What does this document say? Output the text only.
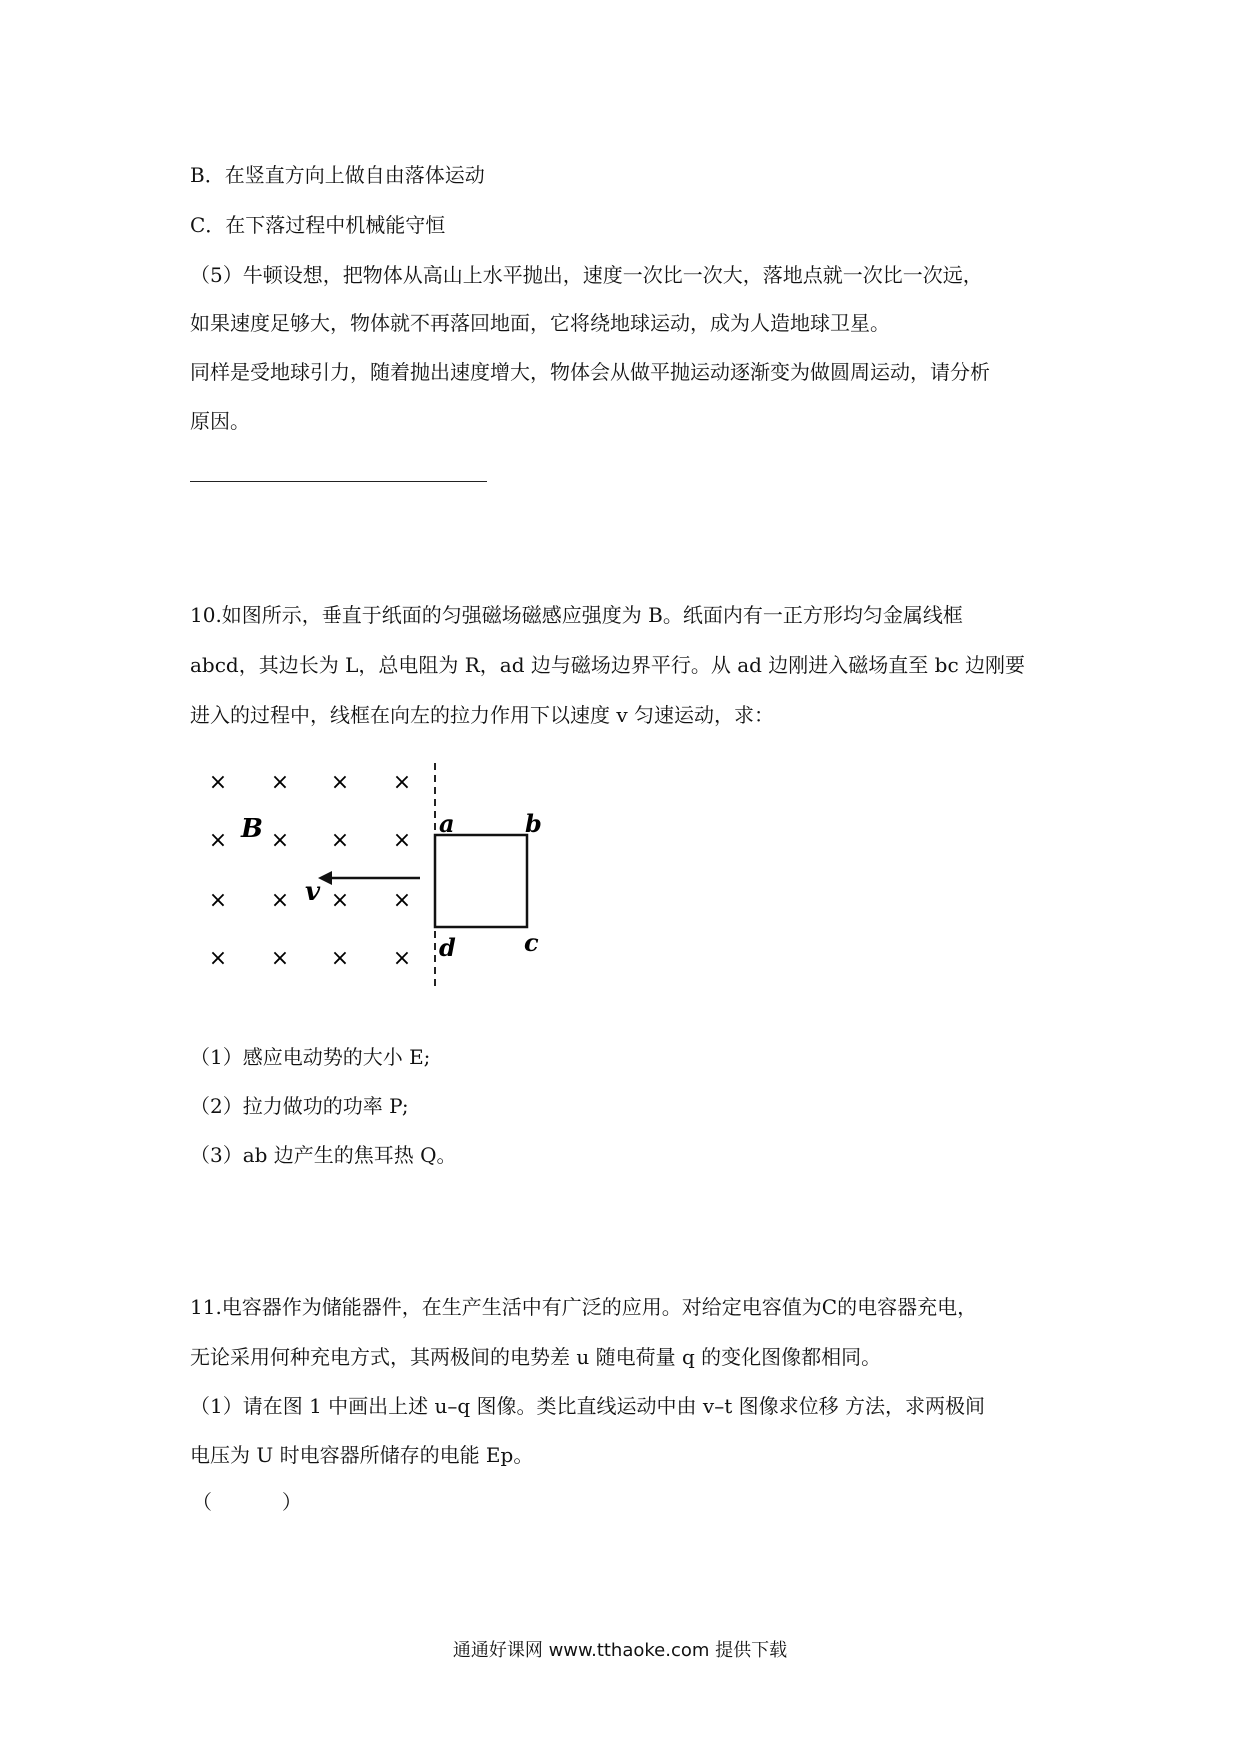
B．在竖直方向上做自由落体运动
C．在下落过程中机械能守恒
（5）牛顿设想，把物体从高山上水平抛出，速度一次比一次大，落地点就一次比一次远，
如果速度足够大，物体就不再落回地面，它将绕地球运动，成为人造地球卫星。
同样是受地球引力，随着抛出速度增大，物体会从做平抛运动逐渐变为做圆周运动，请分析
原因。
10.如图所示，垂直于纸面的匀强磁场磁感应强度为 B。纸面内有一正方形均匀金属线框
abcd，其边长为 L，总电阻为 R，ad 边与磁场边界平行。从 ad 边刚进入磁场直至 bc 边刚要
进入的过程中，线框在向左的拉力作用下以速度 v 匀速运动，求：
× × × ×
× × × ×
× × × ×
× × × ×
B
v
a	b
c
d
（1）感应电动势的大小 E;
（2）拉力做功的功率 P;
（3）ab 边产生的焦耳热 Q。
11.电容器作为储能器件，在生产生活中有广泛的应用。对给定电容值为C的电容器充电，
无论采用何种充电方式，其两极间的电势差 u 随电荷量 q 的变化图像都相同。
（1）请在图 1 中画出上述 u–q 图像。类比直线运动中由 v–t 图像求位移 方法，求两极间
电压为 U 时电容器所储存的电能 Ep。
（           ）
通通好课网 www.tthaoke.com 提供下载
